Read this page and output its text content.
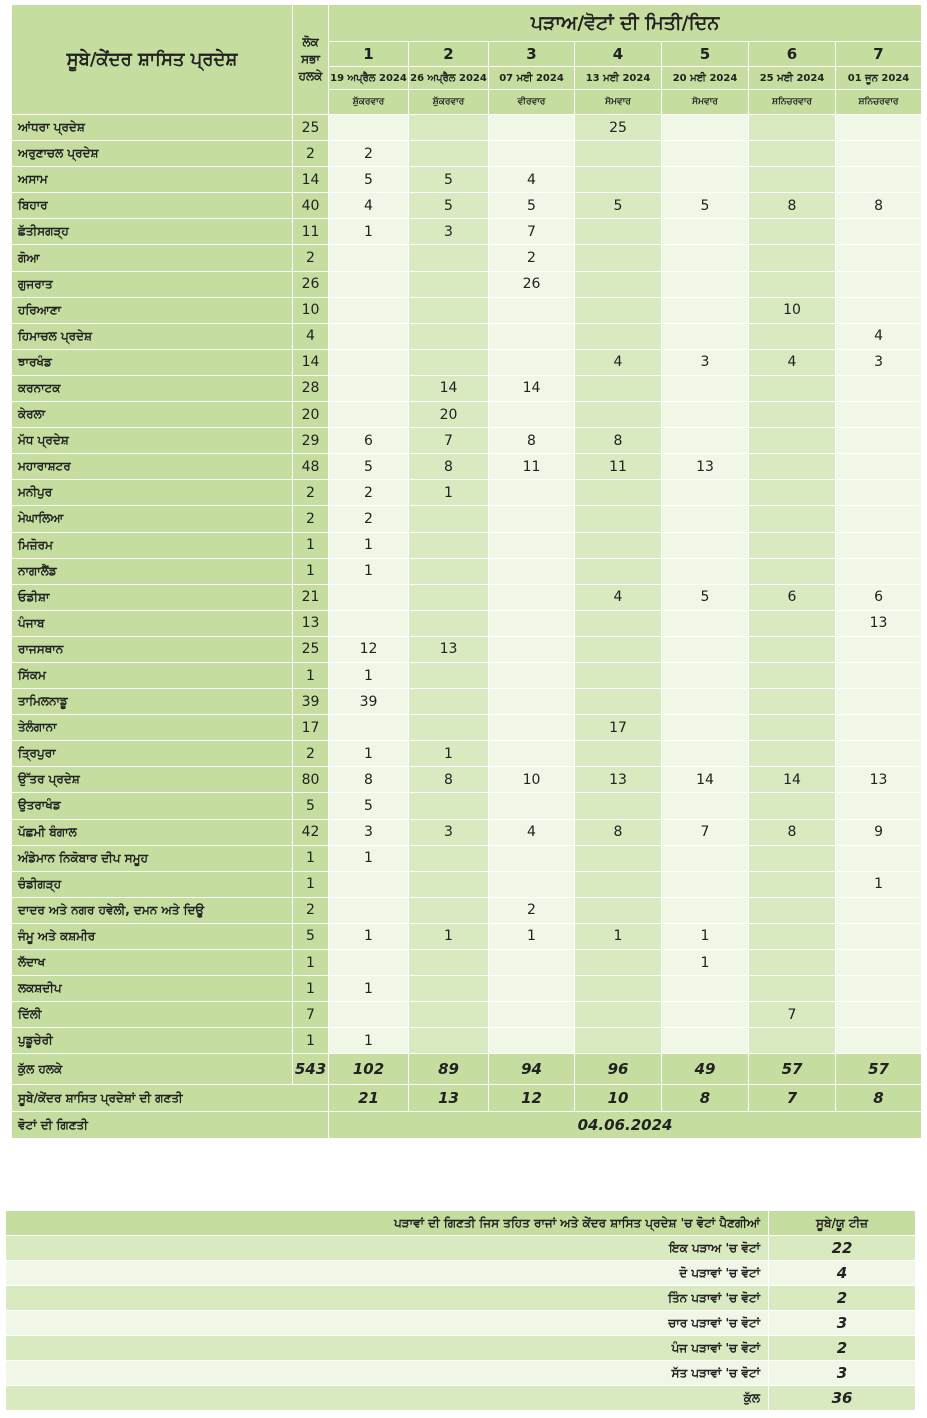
ਸੂਬੇ/ਕੇਂਦਰ ਸ਼ਾਸਿਤ ਪ੍ਰਦੇਸ਼	ਲੋਕ ਸਭਾ ਹਲਕੇ	ਪੜਾਅ/ਵੋਟਾਂ ਦੀ ਮਿਤੀ/ਦਿਨ						
		1	2	3	4	5	6	7
		19 ਅਪ੍ਰੈਲ 2024	26 ਅਪ੍ਰੈਲ 2024	07 ਮਈ 2024	13 ਮਈ 2024	20 ਮਈ 2024	25 ਮਈ 2024	01 ਜੂਨ 2024
		ਸ਼ੁੱਕਰਵਾਰ	ਸ਼ੁੱਕਰਵਾਰ	ਵੀਰਵਾਰ	ਸੋਮਵਾਰ	ਸੋਮਵਾਰ	ਸ਼ਨਿਚਰਵਾਰ	ਸ਼ਨਿਚਰਵਾਰ
ਆਂਧਰਾ ਪ੍ਰਦੇਸ਼	25				25			
ਅਰੁਣਾਚਲ ਪ੍ਰਦੇਸ਼	2	2						
ਅਸਾਮ	14	5	5	4				
ਬਿਹਾਰ	40	4	5	5	5	5	8	8
ਛੱਤੀਸਗੜ੍ਹ	11	1	3	7				
ਗੋਆ	2			2				
ਗੁਜਰਾਤ	26			26				
ਹਰਿਆਣਾ	10						10	
ਹਿਮਾਚਲ ਪ੍ਰਦੇਸ਼	4							4
ਝਾਰਖੰਡ	14				4	3	4	3
ਕਰਨਾਟਕ	28		14	14				
ਕੇਰਲਾ	20		20					
ਮੱਧ ਪ੍ਰਦੇਸ਼	29	6	7	8	8			
ਮਹਾਰਾਸ਼ਟਰ	48	5	8	11	11	13		
ਮਨੀਪੁਰ	2	2	1					
ਮੇਘਾਲਿਆ	2	2						
ਮਿਜ਼ੋਰਮ	1	1						
ਨਾਗਾਲੈਂਡ	1	1						
ਓਡੀਸ਼ਾ	21				4	5	6	6
ਪੰਜਾਬ	13							13
ਰਾਜਸਥਾਨ	25	12	13					
ਸਿੱਕਮ	1	1						
ਤਾਮਿਲਨਾਡੂ	39	39						
ਤੇਲੰਗਾਨਾ	17				17			
ਤ੍ਰਿਪੁਰਾ	2	1	1					
ਉੱਤਰ ਪ੍ਰਦੇਸ਼	80	8	8	10	13	14	14	13
ਉਤਰਾਖੰਡ	5	5						
ਪੱਛਮੀ ਬੰਗਾਲ	42	3	3	4	8	7	8	9
ਅੰਡੇਮਾਨ ਨਿਕੋਬਾਰ ਦੀਪ ਸਮੂਹ	1	1						
ਚੰਡੀਗੜ੍ਹ	1							1
ਦਾਦਰ ਅਤੇ ਨਗਰ ਹਵੇਲੀ, ਦਮਨ ਅਤੇ ਦਿਊ	2			2				
ਜੰਮੂ ਅਤੇ ਕਸ਼ਮੀਰ	5	1	1	1	1	1		
ਲੱਦਾਖ	1					1		
ਲਕਸ਼ਦੀਪ	1	1						
ਦਿੱਲੀ	7						7	
ਪੁਡੂਚੇਰੀ	1	1						
ਕੁੱਲ ਹਲਕੇ	543	102	89	94	96	49	57	57
ਸੂਬੇ/ਕੇਂਦਰ ਸ਼ਾਸਿਤ ਪ੍ਰਦੇਸ਼ਾਂ ਦੀ ਗਣਤੀ		21	13	12	10	8	7	8
ਵੋਟਾਂ ਦੀ ਗਿਣਤੀ		04.06.2024						
ਪੜਾਵਾਂ ਦੀ ਗਿਣਤੀ ਜਿਸ ਤਹਿਤ ਰਾਜਾਂ ਅਤੇ ਕੇਂਦਰ ਸ਼ਾਸਿਤ ਪ੍ਰਦੇਸ਼ 'ਚ ਵੋਟਾਂ ਪੈਣਗੀਆਂ	ਸੂਬੇ/ਯੂ ਟੀਜ਼
ਇਕ ਪੜਾਅ 'ਚ ਵੋਟਾਂ	22
ਦੋ ਪੜਾਵਾਂ 'ਚ ਵੋਟਾਂ	4
ਤਿੰਨ ਪੜਾਵਾਂ 'ਚ ਵੋਟਾਂ	2
ਚਾਰ ਪੜਾਵਾਂ 'ਚ ਵੋਟਾਂ	3
ਪੰਜ ਪੜਾਵਾਂ 'ਚ ਵੋਟਾਂ	2
ਸੱਤ ਪੜਾਵਾਂ 'ਚ ਵੋਟਾਂ	3
ਕੁੱਲ	36
